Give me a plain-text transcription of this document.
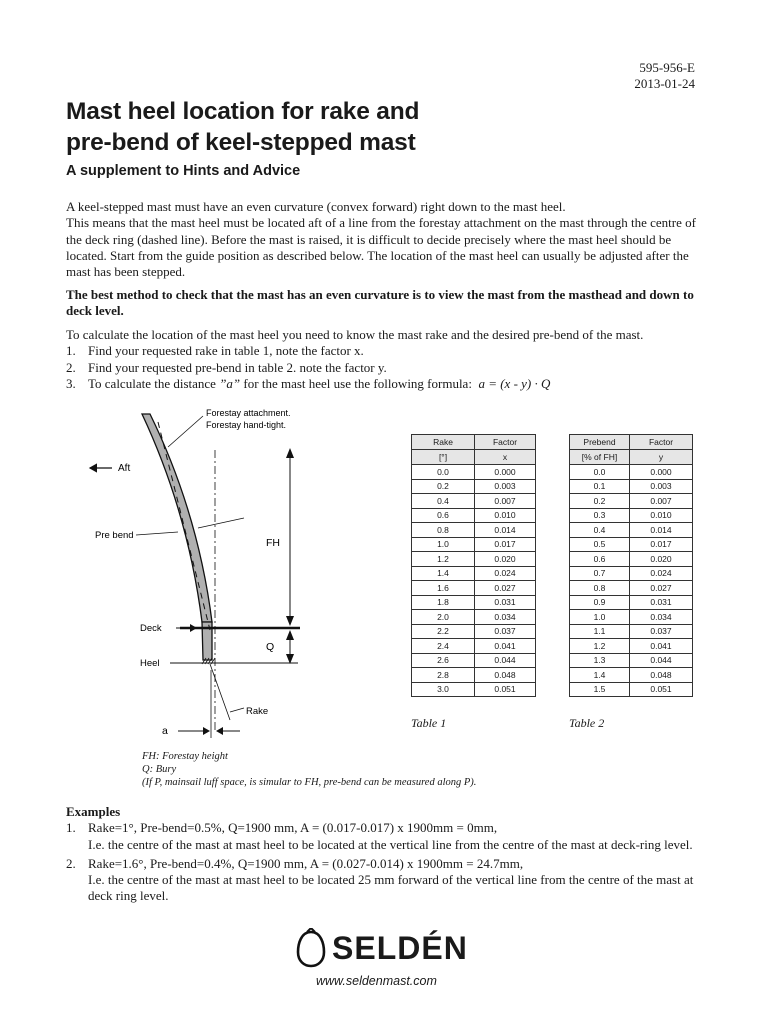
595-956-E
2013-01-24
Mast heel location for rake and
pre-bend of keel-stepped mast
A supplement to Hints and Advice
A keel-stepped mast must have an even curvature (convex forward) right down to the mast heel.
This means that the mast heel must be located aft of a line from the forestay attachment on the mast through the centre of the deck ring (dashed line). Before the mast is raised, it is difficult to decide precisely where the mast heel should be located. Start from the guide position as described below. The location of the mast heel can usually be adjusted after the mast has been stepped.
The best method to check that the mast has an even curvature is to view the mast from the masthead and down to deck level.
To calculate the location of the mast heel you need to know the mast rake and the desired pre-bend of the mast.
1. Find your requested rake in table 1, note the factor x.
2. Find your requested pre-bend in table 2. note the factor y.
3. To calculate the distance ”a” for the mast heel use the following formula: a = (x - y) · Q
Forestay attachment.
Forestay hand-tight.
Aft
Pre bend
FH
Deck
Q
Heel
Rake
a
Rake	Factor
[°]	x
0.0	0.000
0.2	0.003
0.4	0.007
0.6	0.010
0.8	0.014
1.0	0.017
1.2	0.020
1.4	0.024
1.6	0.027
1.8	0.031
2.0	0.034
2.2	0.037
2.4	0.041
2.6	0.044
2.8	0.048
3.0	0.051
Table 1
Prebend	Factor
[% of FH]	y
0.0	0.000
0.1	0.003
0.2	0.007
0.3	0.010
0.4	0.014
0.5	0.017
0.6	0.020
0.7	0.024
0.8	0.027
0.9	0.031
1.0	0.034
1.1	0.037
1.2	0.041
1.3	0.044
1.4	0.048
1.5	0.051
Table 2
FH: Forestay height
Q: Bury
(If P, mainsail luff space, is simular to FH, pre-bend can be measured along P).
Examples
1. Rake=1°, Pre-bend=0.5%, Q=1900 mm, A = (0.017-0.017) x 1900mm = 0mm,
I.e. the centre of the mast at mast heel to be located at the vertical line from the centre of the mast at deck-ring level.
2. Rake=1.6°, Pre-bend=0.4%, Q=1900 mm, A = (0.027-0.014) x 1900mm = 24.7mm,
I.e. the centre of the mast at mast heel to be located 25 mm forward of the vertical line from the centre of the mast at deck ring level.
SELDÉN
www.seldenmast.com
